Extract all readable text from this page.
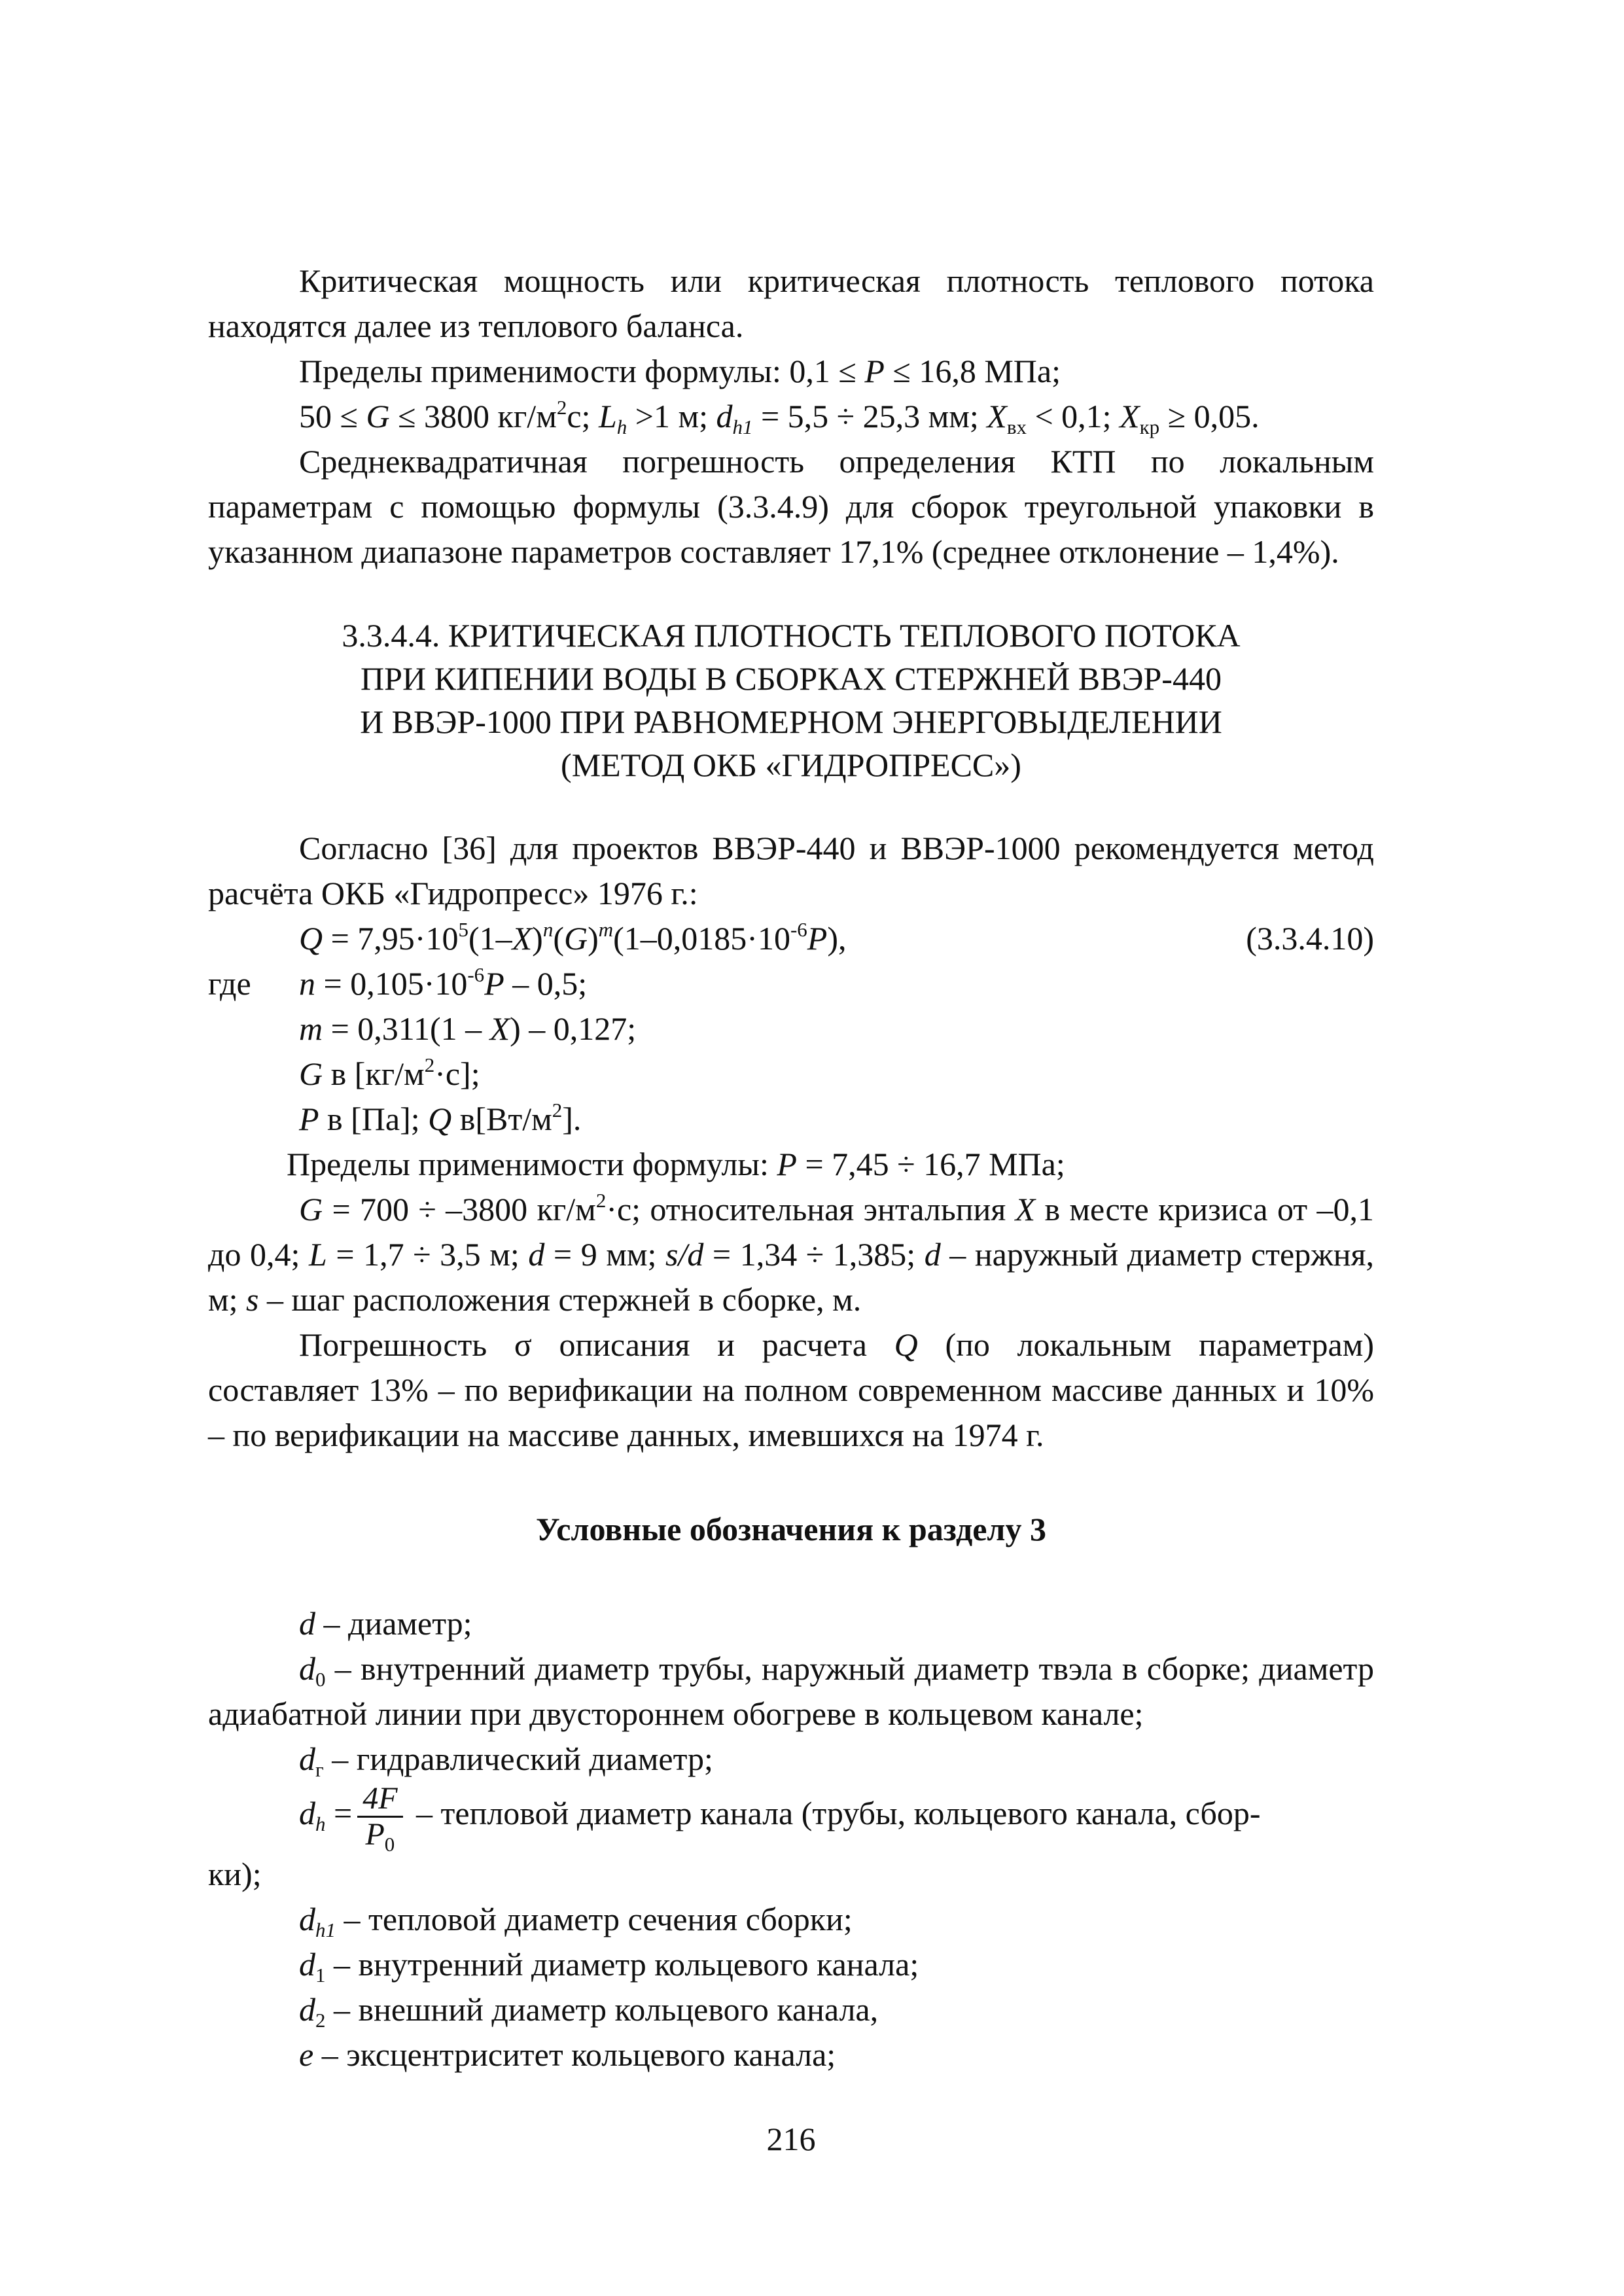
Критическая мощность или критическая плотность теплового потока находятся далее из теплового баланса.

Пределы применимости формулы: 0,1 ≤ P ≤ 16,8 МПа;
50 ≤ G ≤ 3800 $кг/м^2с$; $L_h >1$ м; $d_{h1} = 5,5 \div 25,3$ мм; $X_{вх} < 0,1$; $X_{кр} \ge 0,05$.

Среднеквадратичная погрешность определения КТП по локальным параметрам с помощью формулы (3.3.4.9) для сборок треугольной упаковки в указанном диапазоне параметров составляет 17,1% (среднее отклонение – 1,4%).

3.3.4.4. КРИТИЧЕСКАЯ ПЛОТНОСТЬ ТЕПЛОВОГО ПОТОКА
ПРИ КИПЕНИИ ВОДЫ В СБОРКАХ СТЕРЖНЕЙ ВВЭР-440
И ВВЭР-1000 ПРИ РАВНОМЕРНОМ ЭНЕРГОВЫДЕЛЕНИИ
(МЕТОД ОКБ «ГИДРОПРЕСС»)

Согласно [36] для проектов ВВЭР-440 и ВВЭР-1000 рекомендуется метод расчёта ОКБ «Гидропресс» 1976 г.:

$Q = 7,95\cdot 10^5(1-X)^n(G)^m(1-0,0185\cdot 10^{-6}P)$,	(3.3.4.10)
где	$n = 0,105\cdot 10^{-6}P - 0,5$;
m = 0,311(1 – X) – 0,127;
G в $[кг/м^2\cdot с]$;
P в [Па]; Q $в[Вт/м^2]$.
Пределы применимости формулы: P = 7,45 ÷ 16,7 МПа;

G = 700 ÷ –3800 $кг/м^2\cdot с$; относительная энтальпия X в месте кризиса от –0,1 до 0,4; L = 1,7 ÷ 3,5 м; d = 9 мм; s/d = 1,34 ÷ 1,385; d – наружный диаметр стержня, м; s – шаг расположения стержней в сборке, м.

Погрешность σ описания и расчета Q (по локальным параметрам) составляет 13% – по верификации на полном современном массиве данных и 10% – по верификации на массиве данных, имевшихся на 1974 г.

Условные обозначения к разделу 3
d – диаметр;

$d_0$ – внутренний диаметр трубы, наружный диаметр твэла в сборке; диаметр адиабатной линии при двустороннем обогреве в кольцевом канале;

$d_г$ – гидравлический диаметр;
$d_h = \frac{4F}{P_0}$ – тепловой диаметр канала (трубы, кольцевого канала, сбор-
ки);
$d_{h1}$ – тепловой диаметр сечения сборки;
$d_1$ – внутренний диаметр кольцевого канала;
$d_2$ – внешний диаметр кольцевого канала,
e – эксцентриситет кольцевого канала;
216
